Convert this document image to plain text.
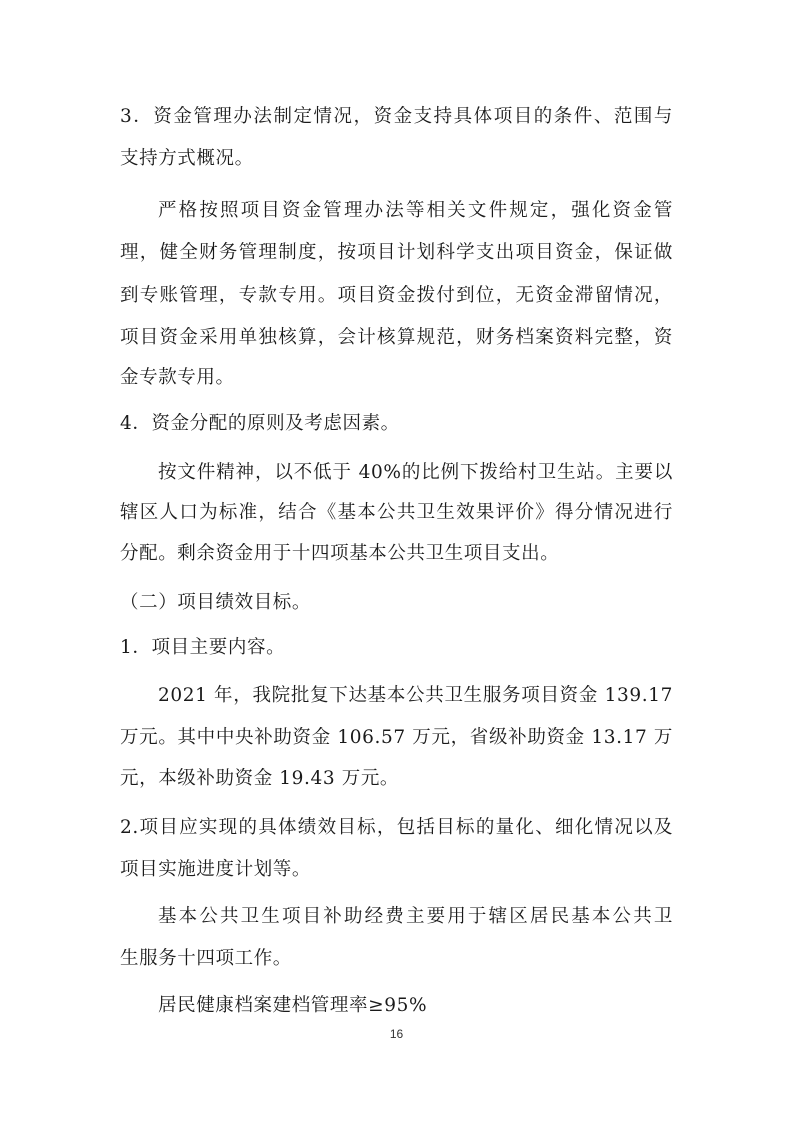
3．资金管理办法制定情况，资金支持具体项目的条件、范围与
支持方式概况。
严格按照项目资金管理办法等相关文件规定，强化资金管
理，健全财务管理制度，按项目计划科学支出项目资金，保证做
到专账管理，专款专用。项目资金拨付到位，无资金滞留情况，
项目资金采用单独核算，会计核算规范，财务档案资料完整，资
金专款专用。
4．资金分配的原则及考虑因素。
按文件精神，以不低于 40%的比例下拨给村卫生站。主要以
辖区人口为标准，结合《基本公共卫生效果评价》得分情况进行
分配。剩余资金用于十四项基本公共卫生项目支出。
（二）项目绩效目标。
1．项目主要内容。
2021 年，我院批复下达基本公共卫生服务项目资金 139.17
万元。其中中央补助资金 106.57 万元，省级补助资金 13.17 万
元，本级补助资金 19.43 万元。
2.项目应实现的具体绩效目标，包括目标的量化、细化情况以及
项目实施进度计划等。
基本公共卫生项目补助经费主要用于辖区居民基本公共卫
生服务十四项工作。
居民健康档案建档管理率≥95%
16
